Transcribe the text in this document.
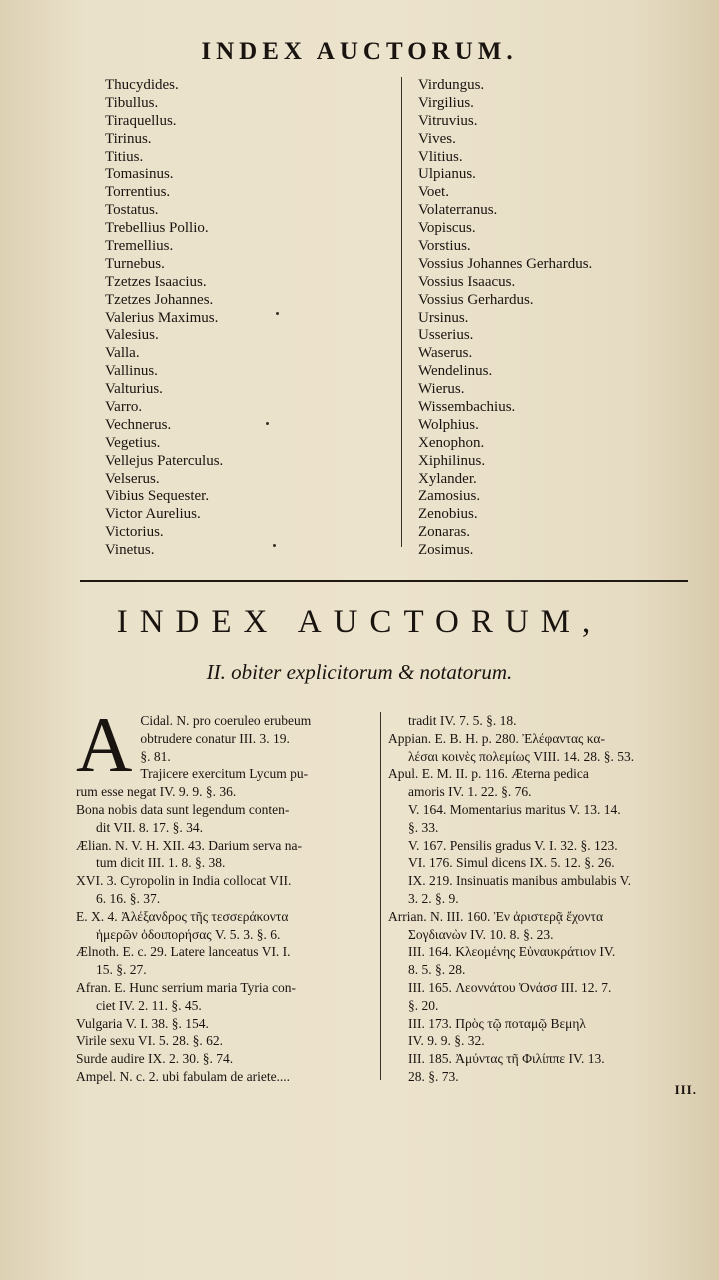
INDEX AUCTORUM.
Thucydides.
Tibullus.
Tiraquellus.
Tirinus.
Titius.
Tomasinus.
Torrentius.
Tostatus.
Trebellius Pollio.
Tremellius.
Turnebus.
Tzetzes Isaacius.
Tzetzes Johannes.
Valerius Maximus.
Valesius.
Valla.
Vallinus.
Valturius.
Varro.
Vechnerus.
Vegetius.
Vellejus Paterculus.
Velserus.
Vibius Sequester.
Victor Aurelius.
Victorius.
Vinetus.
Virdungus.
Virgilius.
Vitruvius.
Vives.
Vlitius.
Ulpianus.
Voet.
Volaterranus.
Vopiscus.
Vorstius.
Vossius Johannes Gerhardus.
Vossius Isaacus.
Vossius Gerhardus.
Ursinus.
Usserius.
Waserus.
Wendelinus.
Wierus.
Wissembachius.
Wolphius.
Xenophon.
Xiphilinus.
Xylander.
Zamosius.
Zenobius.
Zonaras.
Zosimus.
INDEX AUCTORUM,
II. obiter explicitorum & notatorum.
A Cidal. N. pro coeruleo erubeum

obtrudere conatur III. 3. 19.

§. 81.

Trajicere exercitum Lycum pu-

rum esse negat IV. 9. 9. §. 36.

Bona nobis data sunt legendum conten-

dit VII. 8. 17. §. 34.

Ælian. N. V. H. XII. 43. Darium serva na-

tum dicit III. 1. 8. §. 38.

XVI. 3. Cyropolin in India collocat VII.

6. 16. §. 37.

E. X. 4. Ἀλέξανδρος τῆς τεσσεράκοντα

ἡμερῶν ὁδοιπορήσας V. 5. 3. §. 6.

Ælnoth. E. c. 29. Latere lanceatus VI. I.

15. §. 27.

Afran. E. Hunc serrium maria Tyria con-

ciet IV. 2. 11. §. 45.

Vulgaria V. I. 38. §. 154.

Virile sexu VI. 5. 28. §. 62.

Surde audire IX. 2. 30. §. 74.

Ampel. N. c. 2. ubi fabulam de ariete....

tradit IV. 7. 5. §. 18.

Appian. E. B. H. p. 280. Ἐλέφαντας κα-

λέσαι κοινὲς πολεμίως VIII. 14. 28. §. 53.

Apul. E. M. II. p. 116. Æterna pedica

amoris IV. 1. 22. §. 76.

V. 164. Momentarius maritus V. 13. 14.

§. 33.

V. 167. Pensilis gradus V. I. 32. §. 123.

VI. 176. Simul dicens IX. 5. 12. §. 26.

IX. 219. Insinuatis manibus ambulabis V.

3. 2. §. 9.

Arrian. N. III. 160. Ἐν ἀριστερᾷ ἔχοντα

Σογδιανὼν IV. 10. 8. §. 23.

III. 164. Κλεομένης Εὐναυκράτιον IV.

8. 5. §. 28.

III. 165. Λεοννάτου Ὀνάσσ III. 12. 7.

§. 20.

III. 173. Πρὸς τῷ ποταμῷ Βεμηλ

IV. 9. 9. §. 32.

III. 185. Ἀμύντας τῆ Φιλίππε IV. 13.

28. §. 73.

III.
